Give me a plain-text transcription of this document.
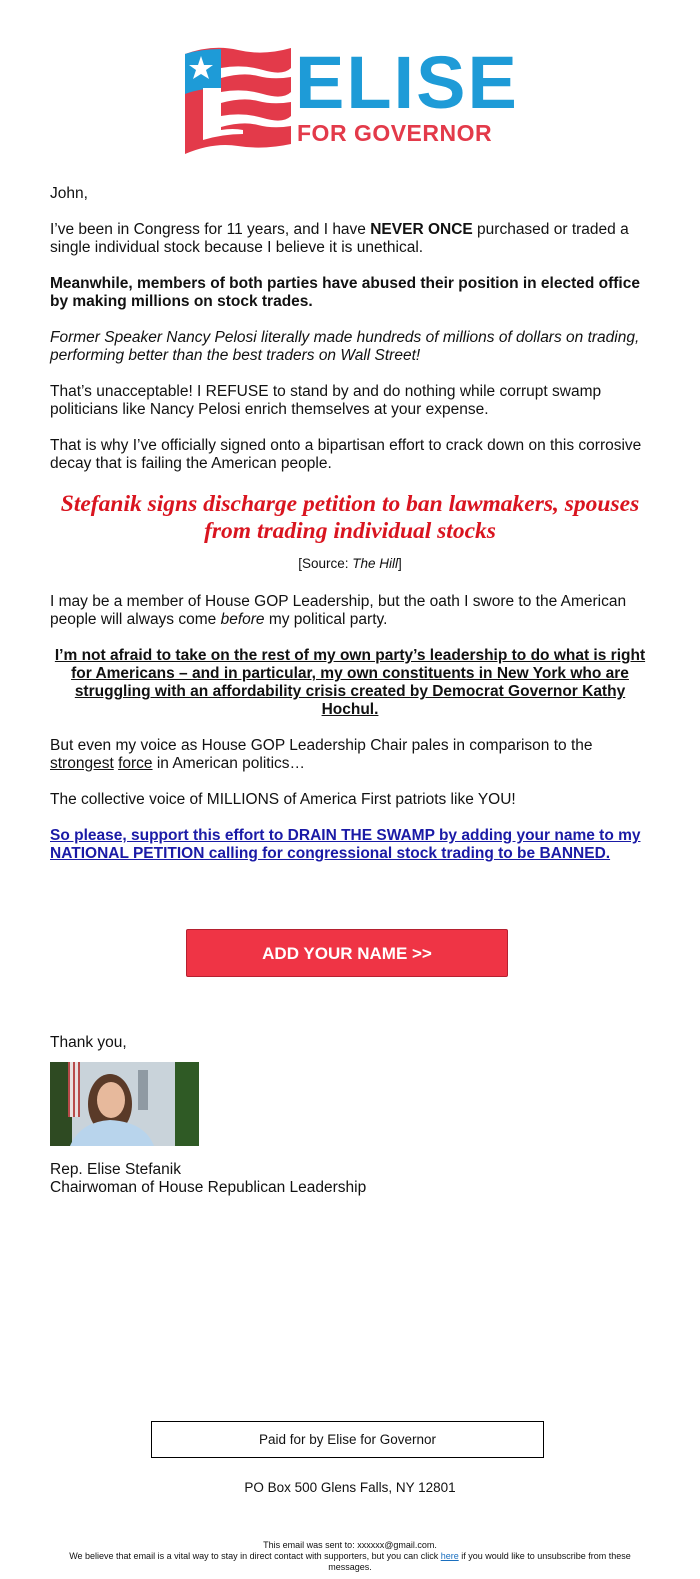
ELISE
FOR GOVERNOR

John,

I’ve been in Congress for 11 years, and I have NEVER ONCE purchased or traded a single individual stock because I believe it is unethical.

Meanwhile, members of both parties have abused their position in elected office by making millions on stock trades.

Former Speaker Nancy Pelosi literally made hundreds of millions of dollars on trading, performing better than the best traders on Wall Street!

That’s unacceptable! I REFUSE to stand by and do nothing while corrupt swamp politicians like Nancy Pelosi enrich themselves at your expense.

That is why I’ve officially signed onto a bipartisan effort to crack down on this corrosive decay that is failing the American people.

Stefanik signs discharge petition to ban lawmakers, spouses from trading individual stocks

[Source: The Hill]

I may be a member of House GOP Leadership, but the oath I swore to the American people will always come before my political party.

I’m not afraid to take on the rest of my own party’s leadership to do what is right for Americans – and in particular, my own constituents in New York who are struggling with an affordability crisis created by Democrat Governor Kathy Hochul.

But even my voice as House GOP Leadership Chair pales in comparison to the strongest force in American politics…

The collective voice of MILLIONS of America First patriots like YOU!

So please, support this effort to DRAIN THE SWAMP by adding your name to my NATIONAL PETITION calling for congressional stock trading to be BANNED.

ADD YOUR NAME >>
Thank you,
Rep. Elise Stefanik
Chairwoman of House Republican Leadership
Paid for by Elise for Governor
PO Box 500 Glens Falls, NY 12801
This email was sent to: xxxxxx@gmail.com.
We believe that email is a vital way to stay in direct contact with supporters, but you can click here if you would like to unsubscribe from these messages.
